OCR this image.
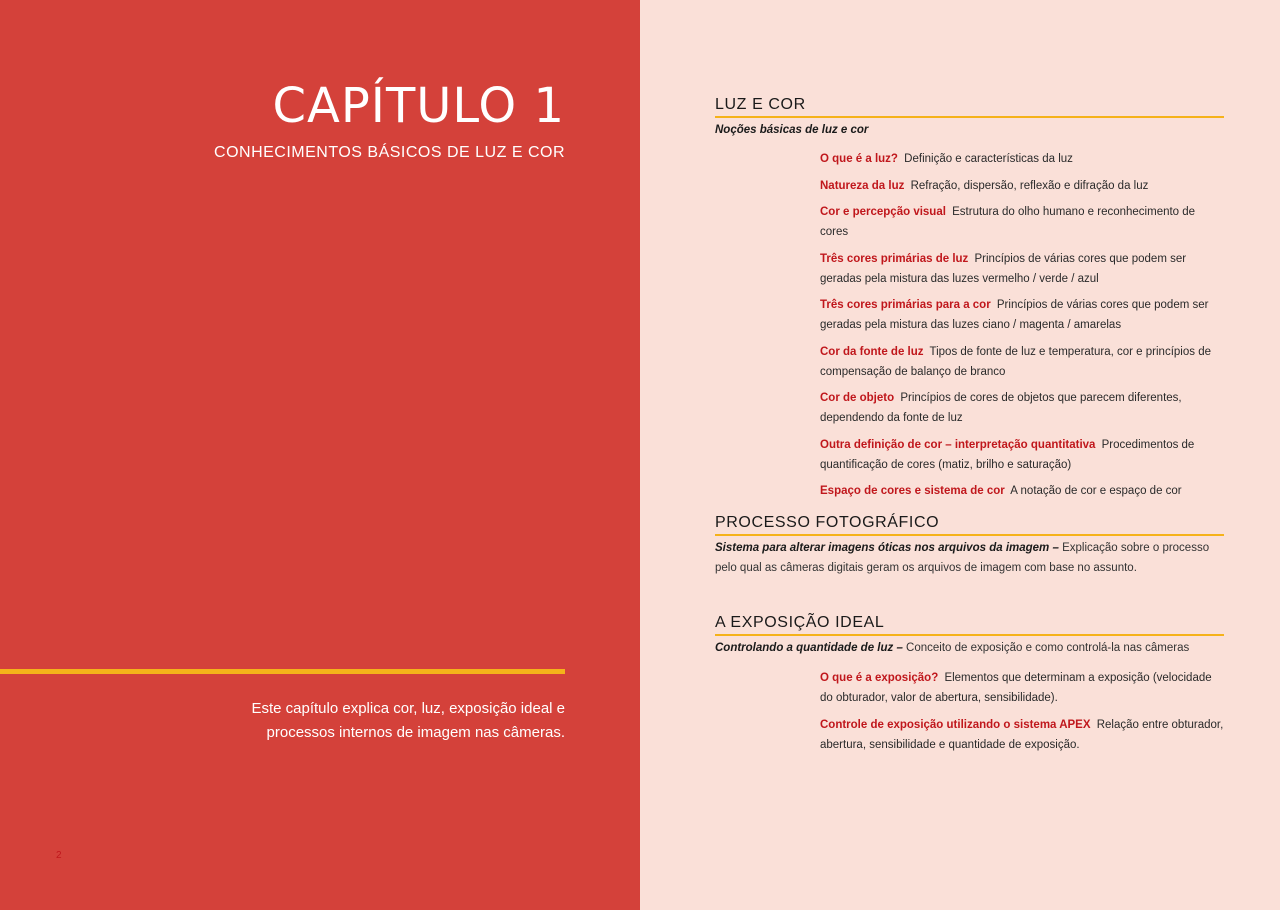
CAPÍTULO 1
CONHECIMENTOS BÁSICOS DE LUZ E COR

Este capítulo explica cor, luz, exposição ideal e processos internos de imagem nas câmeras.

2
LUZ E COR

Noções básicas de luz e cor

O que é a luz? Definição e características da luz
Natureza da luz Refração, dispersão, reflexão e difração da luz
Cor e percepção visual Estrutura do olho humano e reconhecimento de cores
Três cores primárias de luz Princípios de várias cores que podem ser geradas pela mistura das luzes vermelho / verde / azul
Três cores primárias para a cor Princípios de várias cores que podem ser geradas pela mistura das luzes ciano / magenta / amarelas
Cor da fonte de luz Tipos de fonte de luz e temperatura, cor e princípios de compensação de balanço de branco
Cor de objeto Princípios de cores de objetos que parecem diferentes, dependendo da fonte de luz
Outra definição de cor – interpretação quantitativa Procedimentos de quantificação de cores (matiz, brilho e saturação)
Espaço de cores e sistema de cor A notação de cor e espaço de cor
PROCESSO FOTOGRÁFICO

Sistema para alterar imagens óticas nos arquivos da imagem – Explicação sobre o processo pelo qual as câmeras digitais geram os arquivos de imagem com base no assunto.

A EXPOSIÇÃO IDEAL

Controlando a quantidade de luz – Conceito de exposição e como controlá-la nas câmeras

O que é a exposição? Elementos que determinam a exposição (velocidade do obturador, valor de abertura, sensibilidade).
Controle de exposição utilizando o sistema APEX Relação entre obturador, abertura, sensibilidade e quantidade de exposição.
